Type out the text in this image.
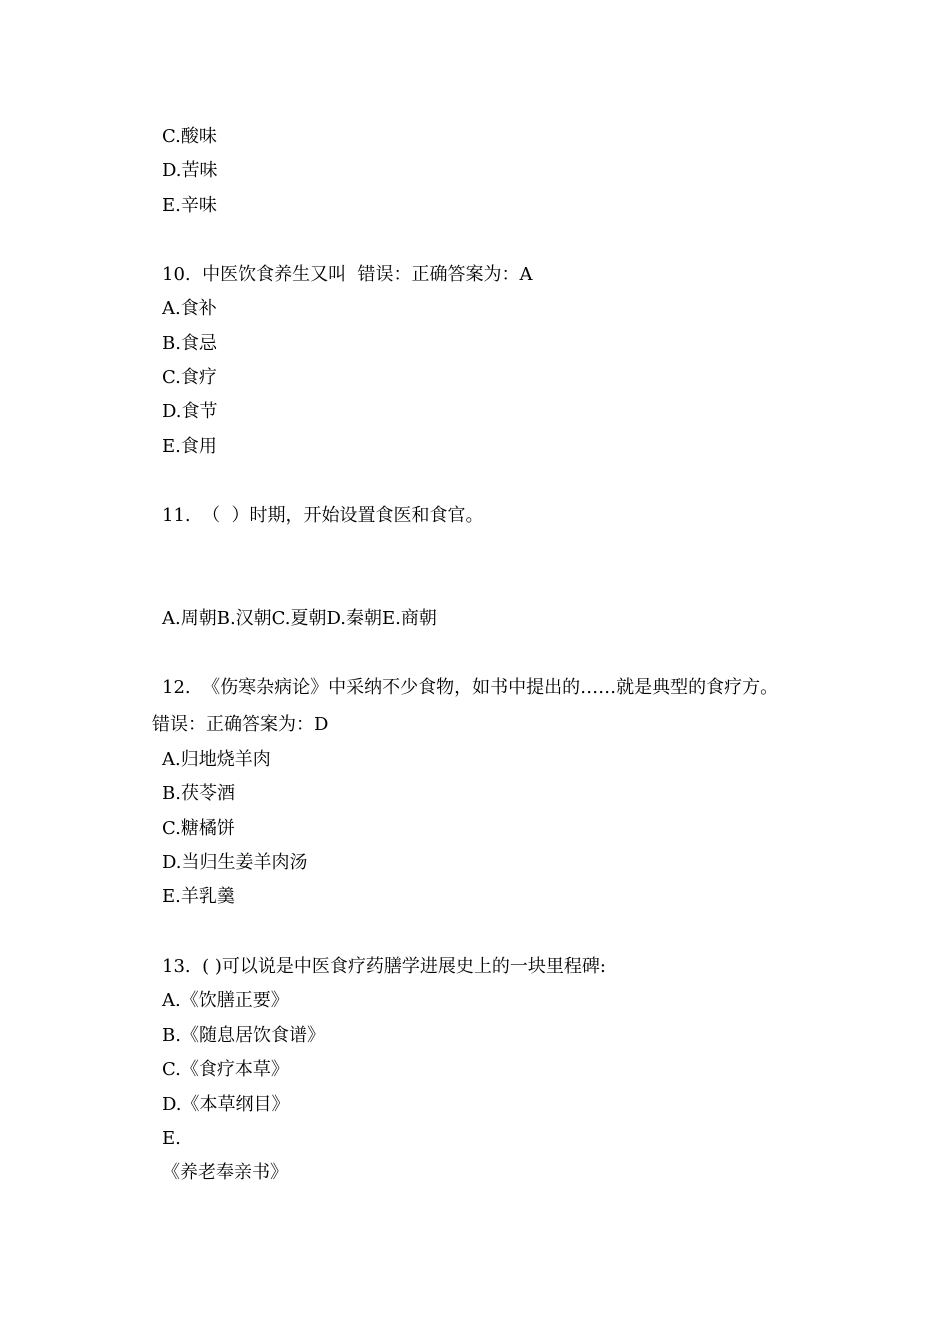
C.酸味
D.苦味
E.辛味
10.  中医饮食养生又叫  错误：正确答案为：A
A.食补
B.食忌
C.食疗
D.食节
E.食用
11.  （  ）时期，开始设置食医和食官。
A.周朝B.汉朝C.夏朝D.秦朝E.商朝
12.  《伤寒杂病论》中采纳不少食物，如书中提出的……就是典型的食疗方。
错误：正确答案为：D
A.归地烧羊肉
B.茯苓酒
C.糖橘饼
D.当归生姜羊肉汤
E.羊乳羹
13.  ( )可以说是中医食疗药膳学进展史上的一块里程碑:
A.《饮膳正要》
B.《随息居饮食谱》
C.《食疗本草》
D.《本草纲目》
E.
《养老奉亲书》
